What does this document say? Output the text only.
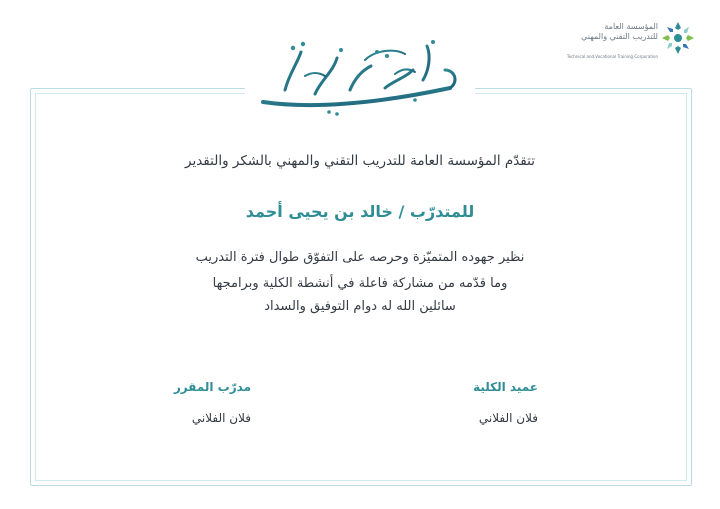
المؤسسة العامة
للتدريب التقني والمهني
Technical and Vocational Training Corporation
تتقدّم المؤسسة العامة للتدريب التقني والمهني بالشكر والتقدير
للمتدرّب / خالد بن يحيى أحمد
نظير جهوده المتميّزة وحرصه على التفوّق طوال فترة التدريب
وما قدّمه من مشاركة فاعلة في أنشطة الكلية وبرامجها
سائلين الله له دوام التوفيق والسداد
عميد الكلية
فلان الفلاني
مدرّب المقرر
فلان الفلاني
